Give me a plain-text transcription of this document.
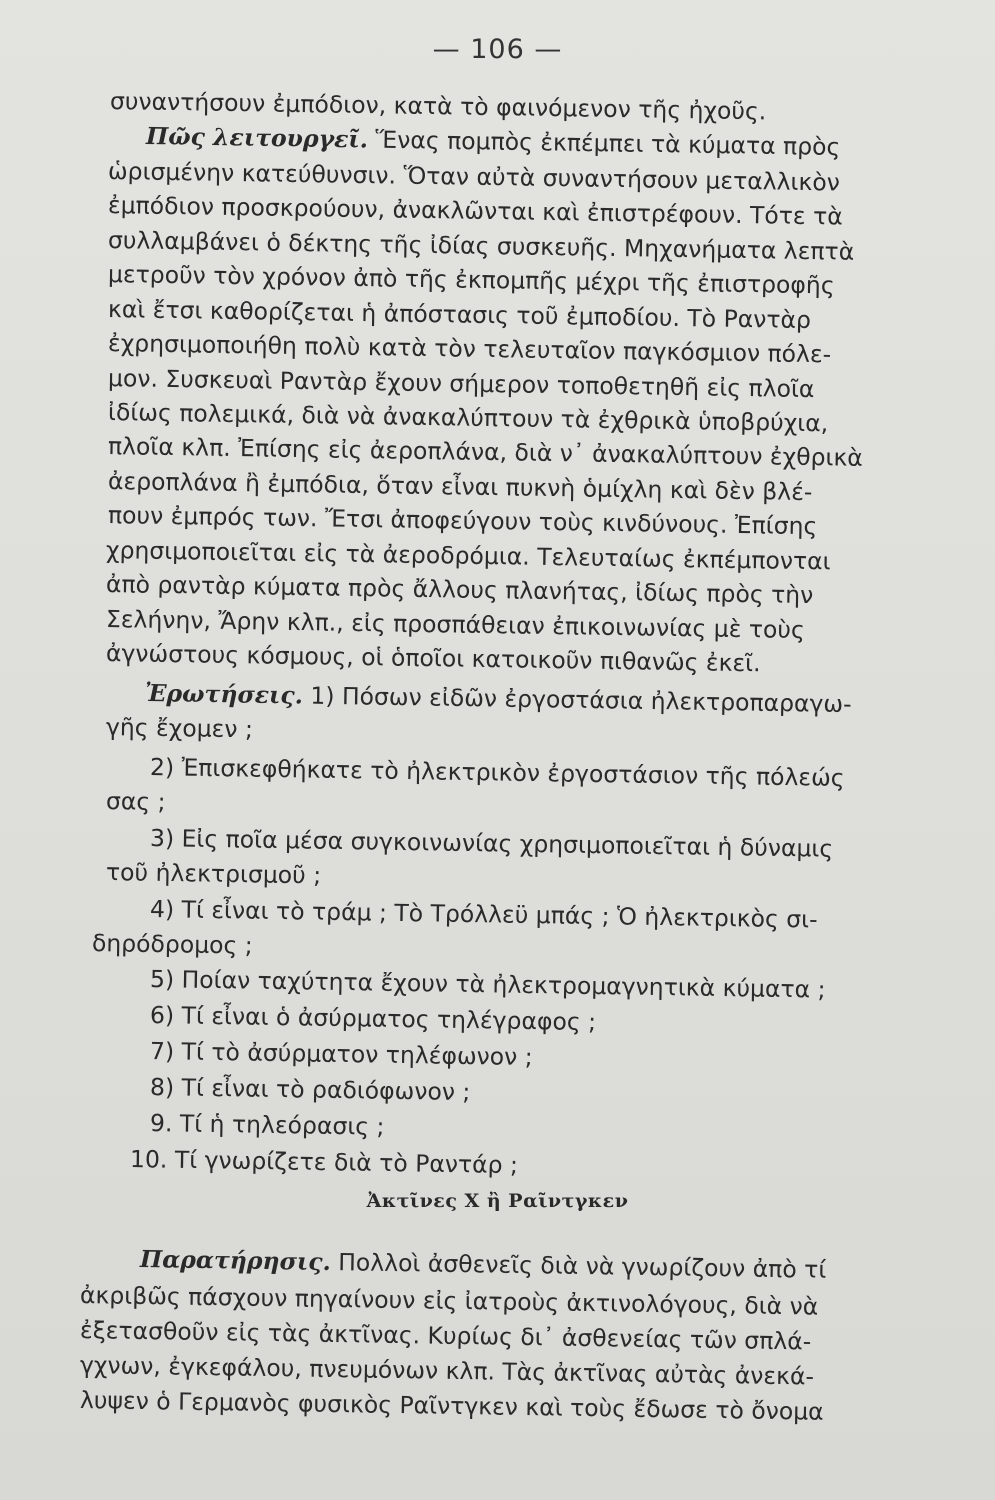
— 106 —
συναντήσουν ἐμπόδιον, κατὰ τὸ φαινόμενον τῆς ἠχοῦς.
Πῶς λειτουργεῖ. Ἕνας πομπὸς ἐκπέμπει τὰ κύματα πρὸς
ὡρισμένην κατεύθυνσιν. Ὅταν αὐτὰ συναντήσουν μεταλλικὸν
ἐμπόδιον προσκρούουν, ἀνακλῶνται καὶ ἐπιστρέφουν. Τότε τὰ
συλλαμβάνει ὁ δέκτης τῆς ἰδίας συσκευῆς. Μηχανήματα λεπτὰ
μετροῦν τὸν χρόνον ἀπὸ τῆς ἐκπομπῆς μέχρι τῆς ἐπιστροφῆς
καὶ ἔτσι καθορίζεται ἡ ἀπόστασις τοῦ ἐμποδίου. Τὸ Ραντὰρ
ἐχρησιμοποιήθη πολὺ κατὰ τὸν τελευταῖον παγκόσμιον πόλε-
μον. Συσκευαὶ Ραντὰρ ἔχουν σήμερον τοποθετηθῆ εἰς πλοῖα
ἰδίως πολεμικά, διὰ νὰ ἀνακαλύπτουν τὰ ἐχθρικὰ ὑποβρύχια,
πλοῖα κλπ. Ἐπίσης εἰς ἀεροπλάνα, διὰ ν᾽ ἀνακαλύπτουν ἐχθρικὰ
ἀεροπλάνα ἢ ἐμπόδια, ὅταν εἶναι πυκνὴ ὁμίχλη καὶ δὲν βλέ-
πουν ἐμπρός των. Ἔτσι ἀποφεύγουν τοὺς κινδύνους. Ἐπίσης
χρησιμοποιεῖται εἰς τὰ ἀεροδρόμια. Τελευταίως ἐκπέμπονται
ἀπὸ ραντὰρ κύματα πρὸς ἄλλους πλανήτας, ἰδίως πρὸς τὴν
Σελήνην, Ἄρην κλπ., εἰς προσπάθειαν ἐπικοινωνίας μὲ τοὺς
ἀγνώστους κόσμους, οἱ ὁποῖοι κατοικοῦν πιθανῶς ἐκεῖ.
Ἐρωτήσεις. 1) Πόσων εἰδῶν ἐργοστάσια ἠλεκτροπαραγω-
γῆς ἔχομεν ;
2) Ἐπισκεφθήκατε τὸ ἠλεκτρικὸν ἐργοστάσιον τῆς πόλεώς
σας ;
3) Εἰς ποῖα μέσα συγκοινωνίας χρησιμοποιεῖται ἡ δύναμις
τοῦ ἠλεκτρισμοῦ ;
4) Τί εἶναι τὸ τράμ ; Τὸ Τρόλλεϋ μπάς ; Ὁ ἠλεκτρικὸς σι-
δηρόδρομος ;
5) Ποίαν ταχύτητα ἔχουν τὰ ἠλεκτρομαγνητικὰ κύματα ;
6) Τί εἶναι ὁ ἀσύρματος τηλέγραφος ;
7) Τί τὸ ἀσύρματον τηλέφωνον ;
8) Τί εἶναι τὸ ραδιόφωνον ;
9. Τί ἡ τηλεόρασις ;
10. Τί γνωρίζετε διὰ τὸ Ραντάρ ;
Ἀκτῖνες Χ ἢ Ραῖντγκεν
Παρατήρησις. Πολλοὶ ἀσθενεῖς διὰ νὰ γνωρίζουν ἀπὸ τί
ἀκριβῶς πάσχουν πηγαίνουν εἰς ἰατροὺς ἀκτινολόγους, διὰ νὰ
ἐξετασθοῦν εἰς τὰς ἀκτῖνας. Κυρίως δι᾽ ἀσθενείας τῶν σπλά-
γχνων, ἐγκεφάλου, πνευμόνων κλπ. Τὰς ἀκτῖνας αὐτὰς ἀνεκά-
λυψεν ὁ Γερμανὸς φυσικὸς Ραῖντγκεν καὶ τοὺς ἔδωσε τὸ ὄνομα
